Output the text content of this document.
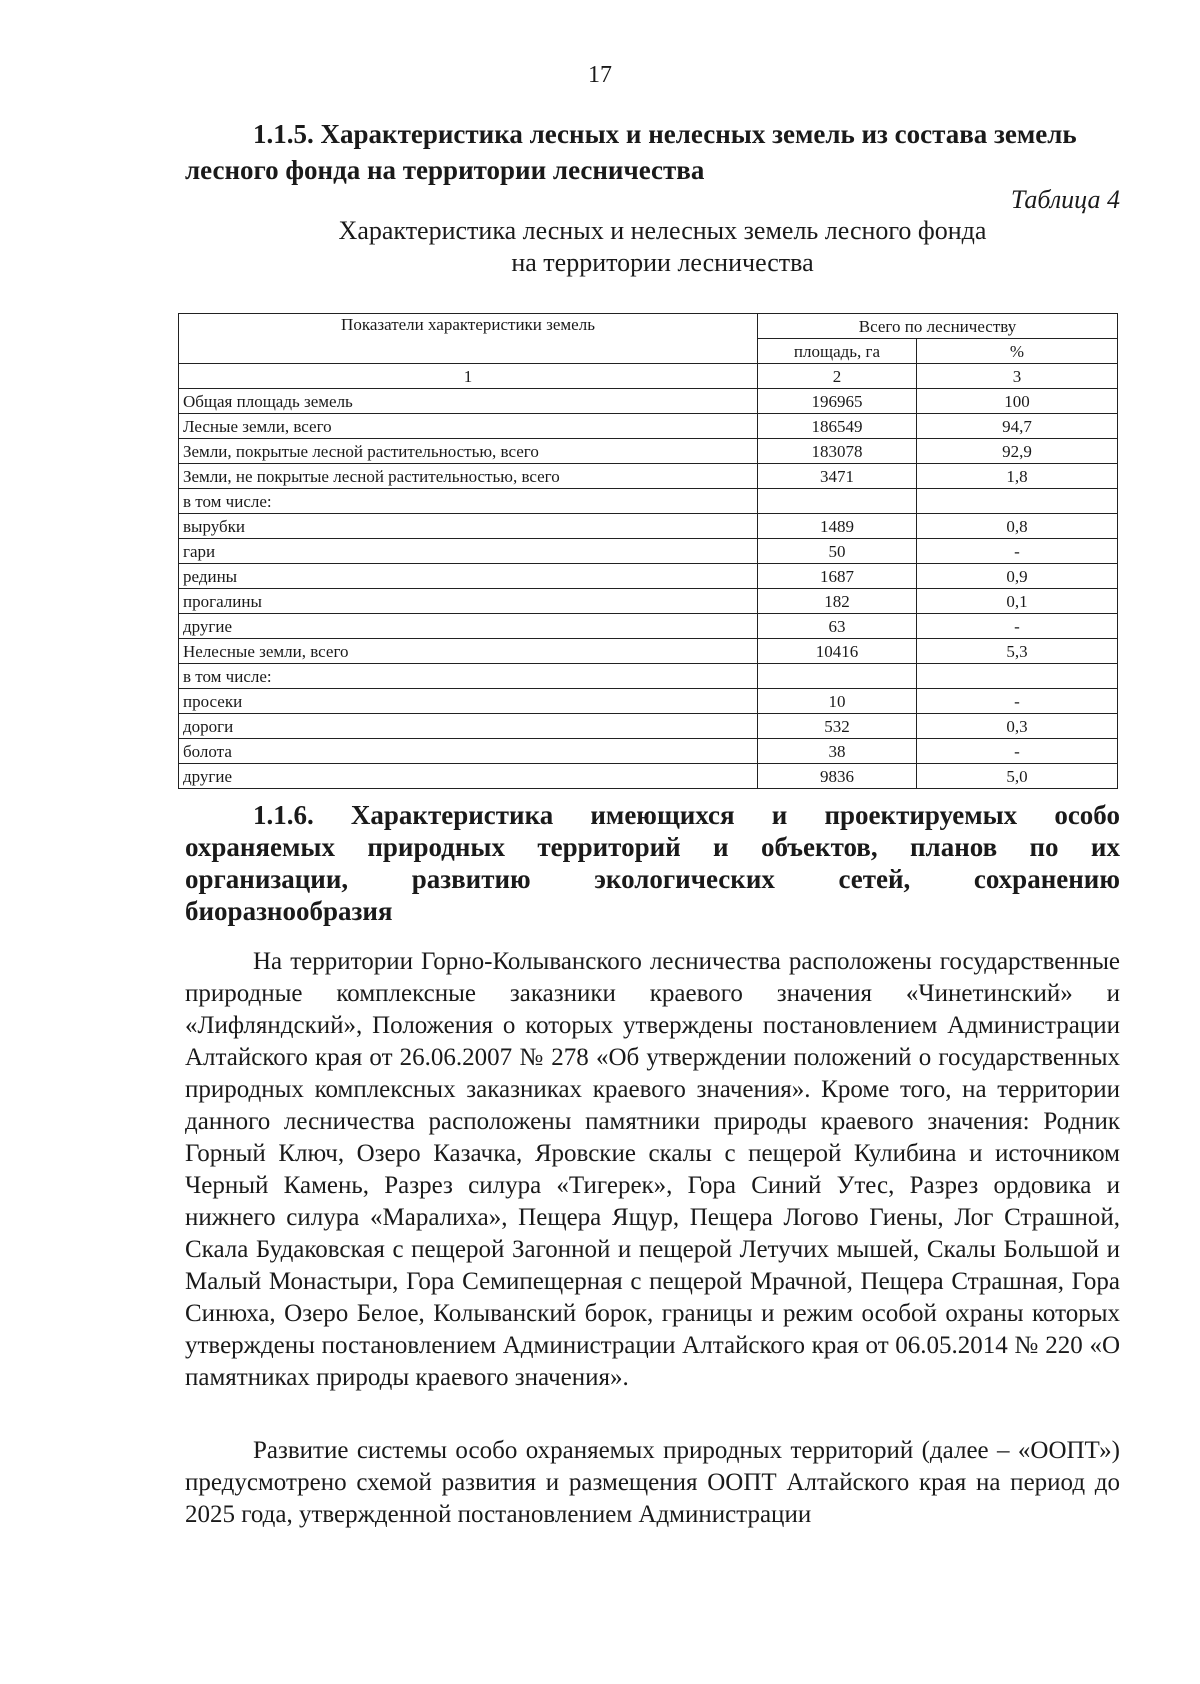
17
1.1.5. Характеристика лесных и нелесных земель из состава земель
лесного фонда на территории лесничества
Таблица 4
Характеристика лесных и нелесных земель лесного фонда
на территории лесничества
Показатели характеристики земель	Всего по лесничеству	
	площадь, га	%
1	2	3
Общая площадь земель	196965	100
Лесные земли, всего	186549	94,7
Земли, покрытые лесной растительностью, всего	183078	92,9
Земли, не покрытые лесной растительностью, всего	3471	1,8
в том числе:		
вырубки	1489	0,8
гари	50	-
редины	1687	0,9
прогалины	182	0,1
другие	63	-
Нелесные земли, всего	10416	5,3
в том числе:		
просеки	10	-
дороги	532	0,3
болота	38	-
другие	9836	5,0
1.1.6. Характеристика имеющихся и проектируемых особо
охраняемых природных территорий и объектов, планов по их
организации, развитию экологических сетей, сохранению
биоразнообразия

На территории Горно-Колыванского лесничества расположены государственные природные комплексные заказники краевого значения «Чинетинский» и «Лифляндский», Положения о которых утверждены постановлением Администрации Алтайского края от 26.06.2007 № 278 «Об утверждении положений о государственных природных комплексных заказниках краевого значения». Кроме того, на территории данного лесничества расположены памятники природы краевого значения: Родник Горный Ключ, Озеро Казачка, Яровские скалы с пещерой Кулибина и источником Черный Камень, Разрез силура «Тигерек», Гора Синий Утес, Разрез ордовика и нижнего силура «Маралиха», Пещера Ящур, Пещера Логово Гиены, Лог Страшной, Скала Будаковская с пещерой Загонной и пещерой Летучих мышей, Скалы Большой и Малый Монастыри, Гора Семипещерная с пещерой Мрачной, Пещера Страшная, Гора Синюха, Озеро Белое, Колыванский борок, границы и режим особой охраны которых утверждены постановлением Администрации Алтайского края от 06.05.2014 № 220 «О памятниках природы краевого значения».

Развитие системы особо охраняемых природных территорий (далее – «ООПТ») предусмотрено схемой развития и размещения ООПТ Алтайского края на период до 2025 года, утвержденной постановлением Администрации
